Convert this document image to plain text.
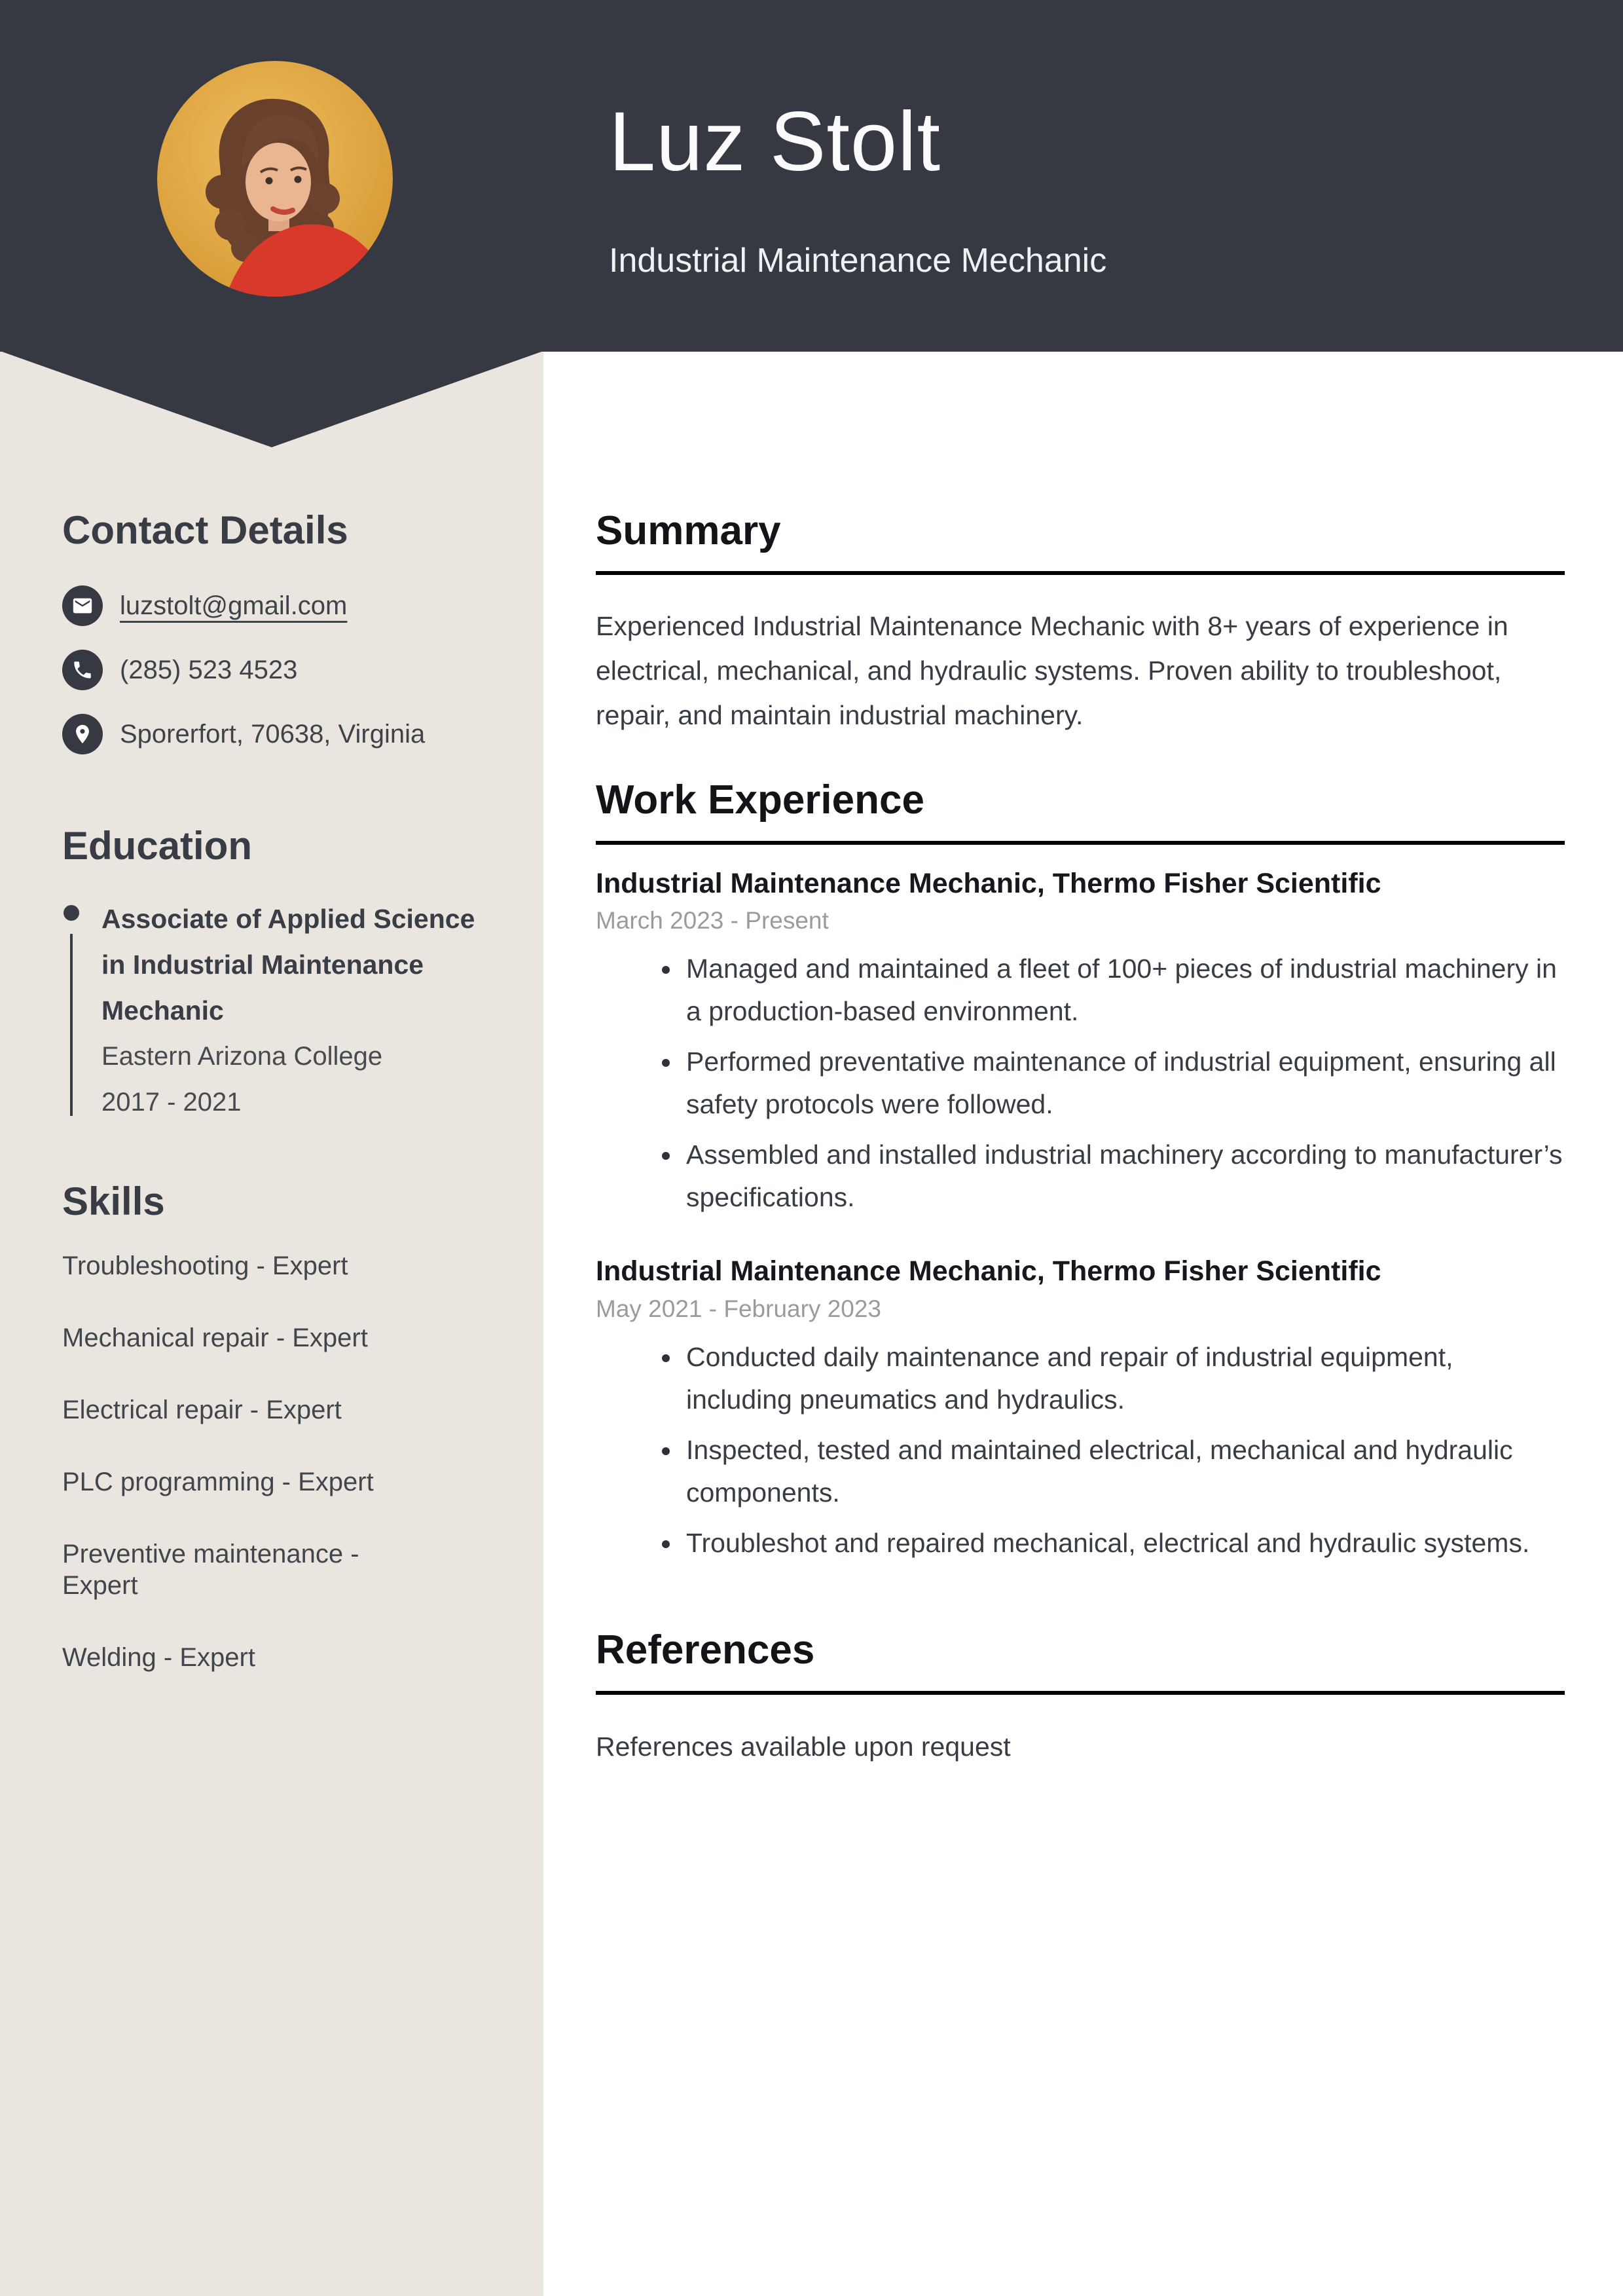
Luz Stolt
Industrial Maintenance Mechanic
Contact Details
luzstolt@gmail.com
(285) 523 4523
Sporerfort, 70638, Virginia
Education
Associate of Applied Science in Industrial Maintenance Mechanic
Eastern Arizona College
2017 - 2021
Skills
Troubleshooting - Expert
Mechanical repair - Expert
Electrical repair - Expert
PLC programming - Expert
Preventive maintenance - Expert
Welding - Expert
Summary

Experienced Industrial Maintenance Mechanic with 8+ years of experience in electrical, mechanical, and hydraulic systems. Proven ability to troubleshoot, repair, and maintain industrial machinery.

Work Experience
Industrial Maintenance Mechanic, Thermo Fisher Scientific
March 2023 - Present
• Managed and maintained a fleet of 100+ pieces of industrial machinery in a production-based environment.
• Performed preventative maintenance of industrial equipment, ensuring all safety protocols were followed.
• Assembled and installed industrial machinery according to manufacturer’s specifications.
Industrial Maintenance Mechanic, Thermo Fisher Scientific
May 2021 - February 2023
• Conducted daily maintenance and repair of industrial equipment, including pneumatics and hydraulics.
• Inspected, tested and maintained electrical, mechanical and hydraulic components.
• Troubleshot and repaired mechanical, electrical and hydraulic systems.
References

References available upon request
